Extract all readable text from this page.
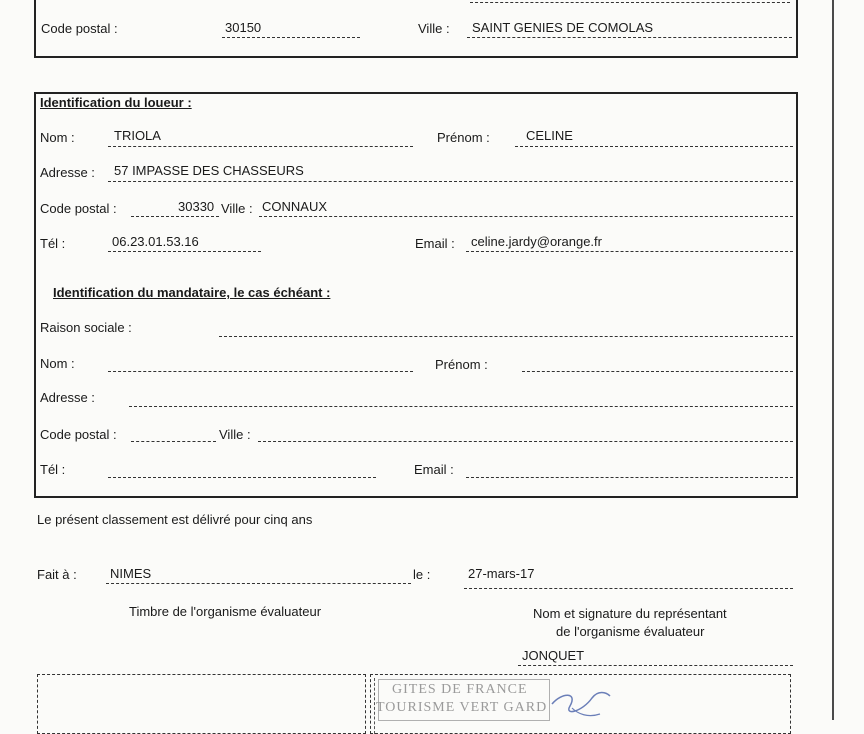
Code postal :	30150	Ville : SAINT GENIES DE COMOLAS
Identification du loueur :
Nom :	TRIOLA	Prénom :	CELINE
Adresse : 57 IMPASSE DES CHASSEURS
Code postal :	30330 Ville : CONNAUX
Tél :	06.23.01.53.16	Email : celine.jardy@orange.fr
Identification du mandataire, le cas échéant :
Raison sociale :
Nom :	Prénom :
Adresse :
Code postal :	Ville :
Tél :	Email :
Le présent classement est délivré pour cinq ans
Fait à :	NIMES	le :	27-mars-17
Timbre de l'organisme évaluateur	Nom et signature du représentant
de l'organisme évaluateur
JONQUET
GITES DE FRANCE
TOURISME VERT GARD
